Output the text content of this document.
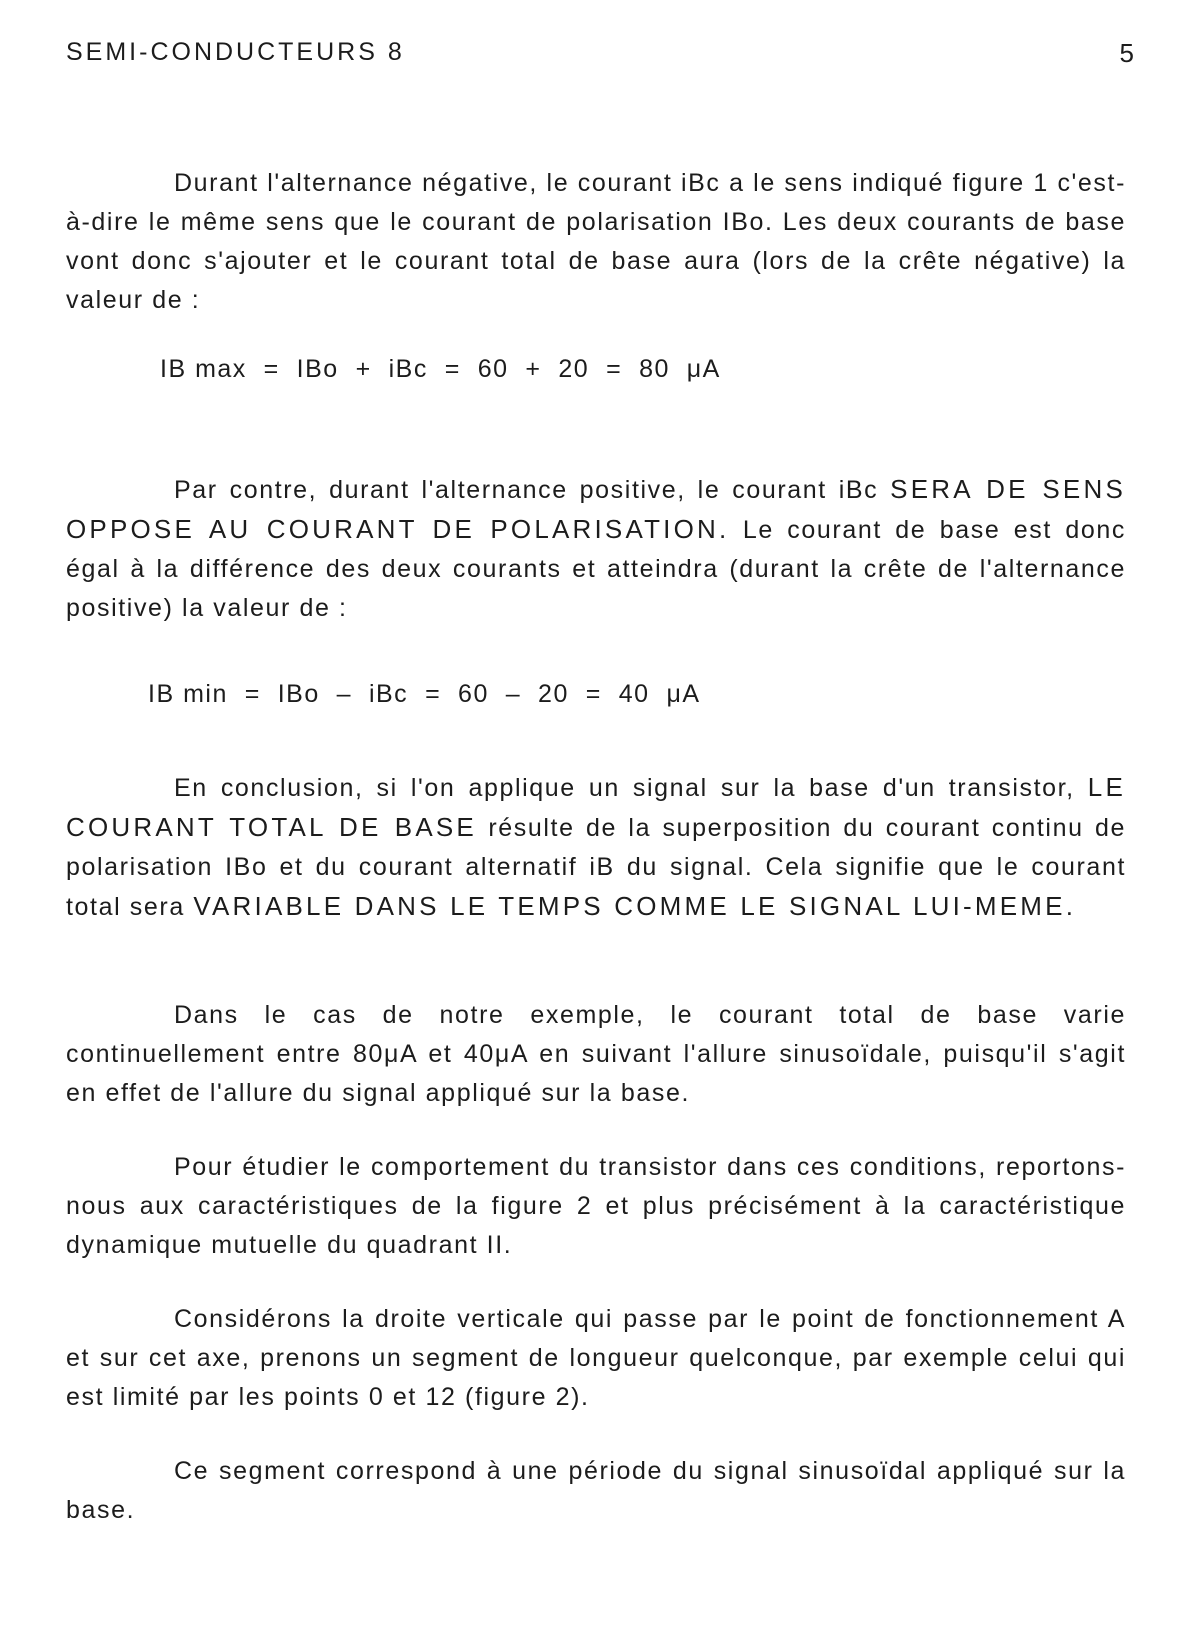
SEMI-CONDUCTEURS 8	5

Durant l'alternance négative, le courant iBc a le sens indiqué figure 1 c'est-à-dire le même sens que le courant de polarisation IBo. Les deux courants de base vont donc s'ajouter et le courant total de base aura (lors de la crête négative) la valeur de :

IB max  =  IBo  +  iBc  =  60  +  20  =  80  μA

Par contre, durant l'alternance positive, le courant iBc SERA DE SENS OPPOSE AU COURANT DE POLARISATION. Le courant de base est donc égal à la différence des deux courants et atteindra (durant la crête de l'alternance positive) la valeur de :

IB min  =  IBo  –  iBc  =  60  –  20  =  40  μA

En conclusion, si l'on applique un signal sur la base d'un transistor, LE COURANT TOTAL DE BASE résulte de la superposition du courant continu de polarisation IBo et du courant alternatif iB du signal. Cela signifie que le courant total sera VARIABLE DANS LE TEMPS COMME LE SIGNAL LUI-MEME.

Dans le cas de notre exemple, le courant total de base varie continuellement entre 80μA et 40μA en suivant l'allure sinusoïdale, puisqu'il s'agit en effet de l'allure du signal appliqué sur la base.

Pour étudier le comportement du transistor dans ces conditions, reportons-nous aux caractéristiques de la figure 2 et plus précisément à la caractéristique dynamique mutuelle du quadrant II.

Considérons la droite verticale qui passe par le point de fonctionnement A et sur cet axe, prenons un segment de longueur quelconque, par exemple celui qui est limité par les points 0 et 12 (figure 2).

Ce segment correspond à une période du signal sinusoïdal appliqué sur la base.
